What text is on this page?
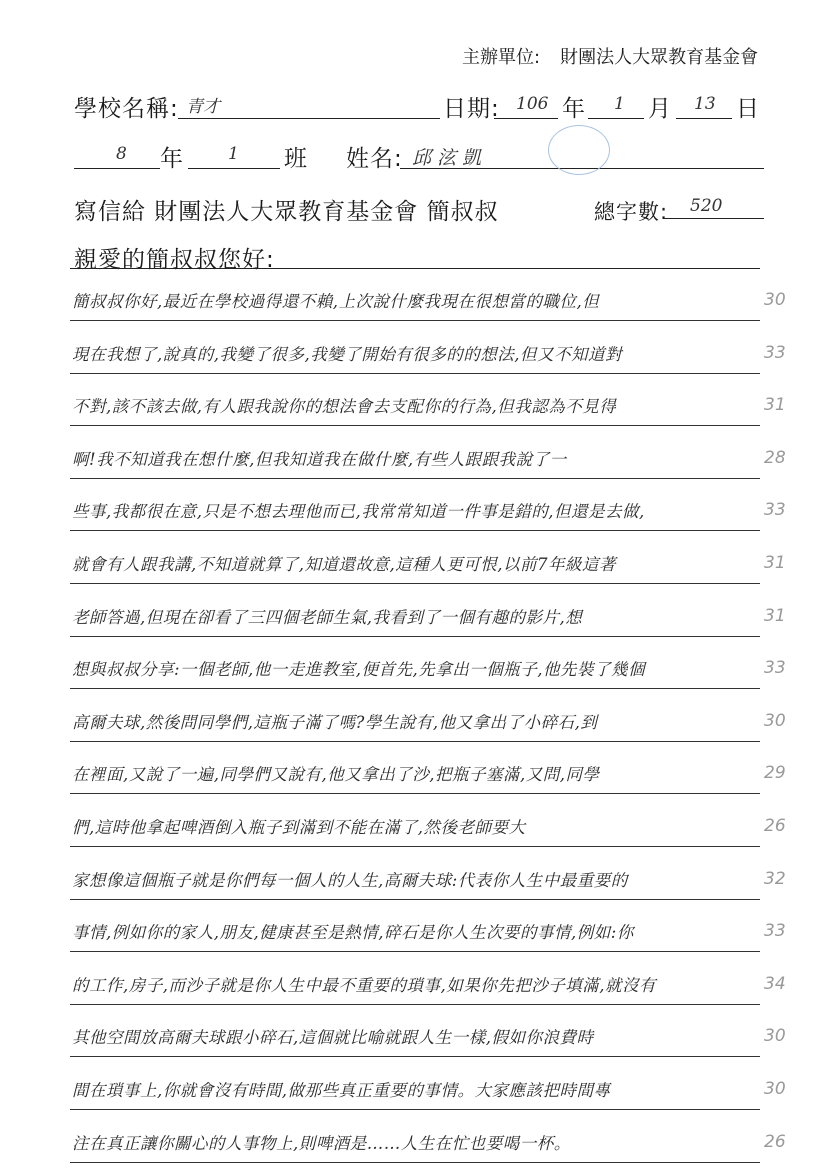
主辦單位: 財團法人大眾教育基金會
學校名稱: 青才	日期: 106 年 1 月 13 日
8 年	1 班 姓名: 邱泫凱
寫信給 財團法人大眾教育基金會 簡叔叔	總字數: 520
親愛的簡叔叔您好:
簡叔叔你好,最近在學校過得還不賴,上次說什麼我現在很想當的職位,但	30
現在我想了,說真的,我變了很多,我變了開始有很多的的想法,但又不知道對	33
不對,該不該去做,有人跟我說你的想法會去支配你的行為,但我認為不見得	31
啊!我不知道我在想什麼,但我知道我在做什麼,有些人跟跟我說了一	28
些事,我都很在意,只是不想去理他而已,我常常知道一件事是錯的,但還是去做,	33
就會有人跟我講,不知道就算了,知道還故意,這種人更可恨,以前7年級這著	31
老師答過,但現在卻看了三四個老師生氣,我看到了一個有趣的影片,想	31
想與叔叔分享:一個老師,他一走進教室,便首先,先拿出一個瓶子,他先裝了幾個	33
高爾夫球,然後問同學們,這瓶子滿了嗎?學生說有,他又拿出了小碎石,到	30
在裡面,又說了一遍,同學們又說有,他又拿出了沙,把瓶子塞滿,又問,同學	29
們,這時他拿起啤酒倒入瓶子到滿到不能在滿了,然後老師要大	26
家想像這個瓶子就是你們每一個人的人生,高爾夫球:代表你人生中最重要的	32
事情,例如你的家人,朋友,健康甚至是熱情,碎石是你人生次要的事情,例如:你	33
的工作,房子,而沙子就是你人生中最不重要的瑣事,如果你先把沙子填滿,就沒有	34
其他空間放高爾夫球跟小碎石,這個就比喻就跟人生一樣,假如你浪費時	30
間在瑣事上,你就會沒有時間,做那些真正重要的事情。大家應該把時間專	30
注在真正讓你關心的人事物上,則啤酒是……人生在忙也要喝一杯。	26
